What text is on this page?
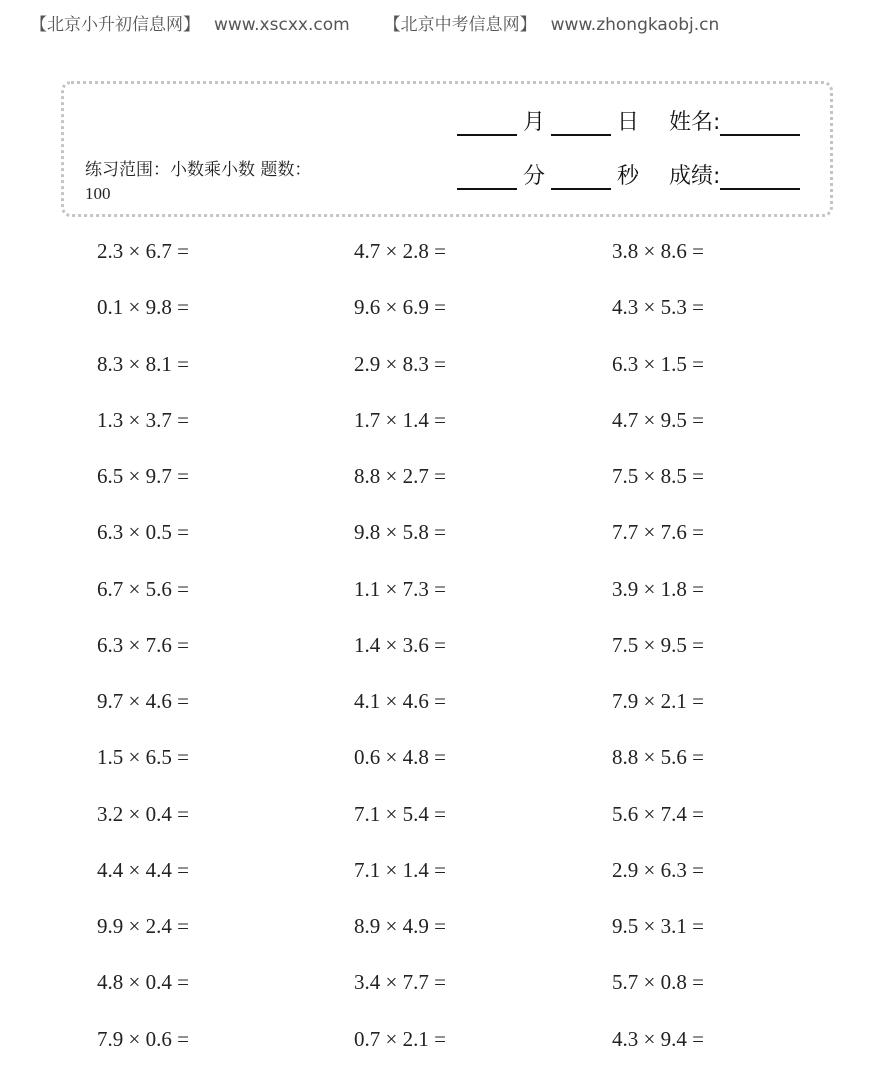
【北京小升初信息网】 www.xscxx.com 【北京中考信息网】 www.zhongkaobj.cn
练习范围：小数乘小数 题数：
100
月	日 姓名:
分	秒 成绩:
2.3 × 6.7 =	4.7 × 2.8 =	3.8 × 8.6 =
0.1 × 9.8 =	9.6 × 6.9 =	4.3 × 5.3 =
8.3 × 8.1 =	2.9 × 8.3 =	6.3 × 1.5 =
1.3 × 3.7 =	1.7 × 1.4 =	4.7 × 9.5 =
6.5 × 9.7 =	8.8 × 2.7 =	7.5 × 8.5 =
6.3 × 0.5 =	9.8 × 5.8 =	7.7 × 7.6 =
6.7 × 5.6 =	1.1 × 7.3 =	3.9 × 1.8 =
6.3 × 7.6 =	1.4 × 3.6 =	7.5 × 9.5 =
9.7 × 4.6 =	4.1 × 4.6 =	7.9 × 2.1 =
1.5 × 6.5 =	0.6 × 4.8 =	8.8 × 5.6 =
3.2 × 0.4 =	7.1 × 5.4 =	5.6 × 7.4 =
4.4 × 4.4 =	7.1 × 1.4 =	2.9 × 6.3 =
9.9 × 2.4 =	8.9 × 4.9 =	9.5 × 3.1 =
4.8 × 0.4 =	3.4 × 7.7 =	5.7 × 0.8 =
7.9 × 0.6 =	0.7 × 2.1 =	4.3 × 9.4 =
